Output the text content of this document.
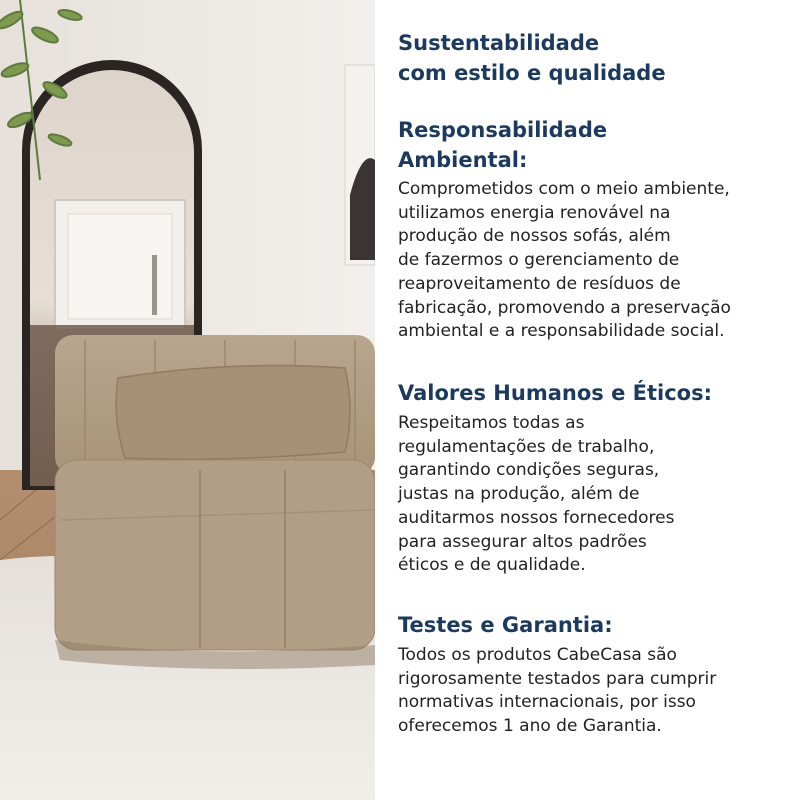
Sustentabilidade
com estilo e qualidade
Responsabilidade
Ambiental:

Comprometidos com o meio ambiente,
utilizamos energia renovável na
produção de nossos sofás, além
de fazermos o gerenciamento de
reaproveitamento de resíduos de
fabricação, promovendo a preservação
ambiental e a responsabilidade social.

Valores Humanos e Éticos:

Respeitamos todas as
regulamentações de trabalho,
garantindo condições seguras,
justas na produção, além de
auditarmos nossos fornecedores
para assegurar altos padrões
éticos e de qualidade.

Testes e Garantia:

Todos os produtos CabeCasa são
rigorosamente testados para cumprir
normativas internacionais, por isso
oferecemos 1 ano de Garantia.
